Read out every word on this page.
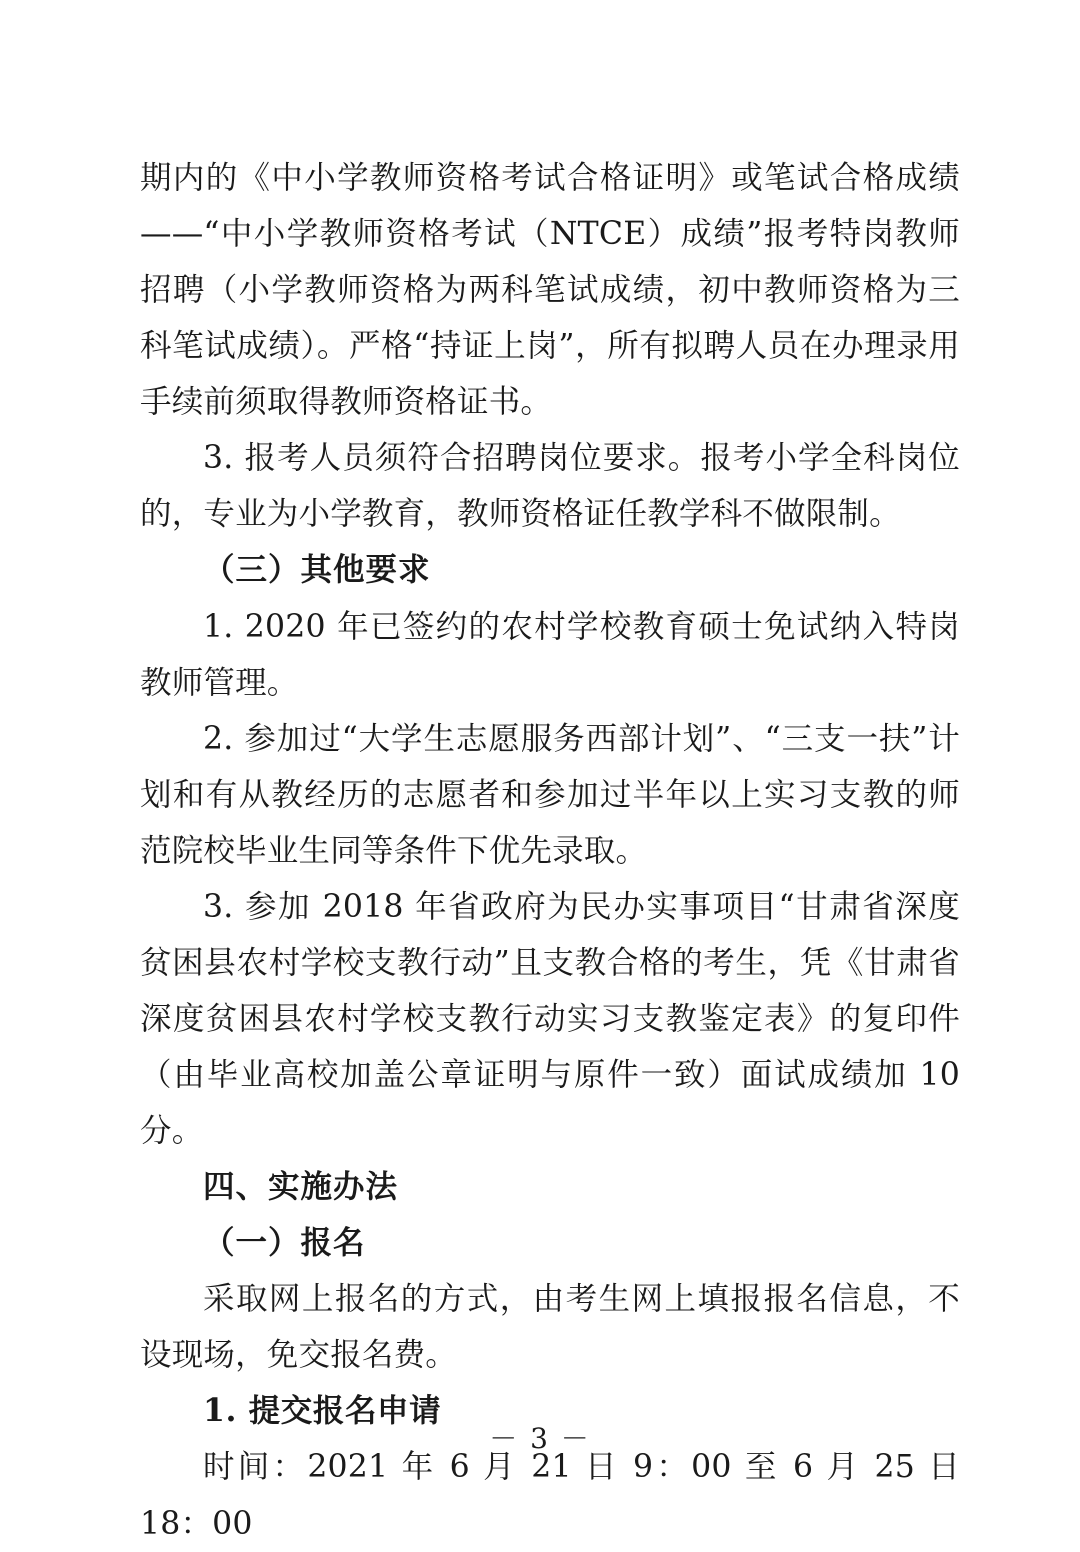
期内的《中小学教师资格考试合格证明》或笔试合格成绩——“中小学教师资格考试（NTCE）成绩”报考特岗教师招聘（小学教师资格为两科笔试成绩，初中教师资格为三科笔试成绩）。严格“持证上岗”，所有拟聘人员在办理录用手续前须取得教师资格证书。

3. 报考人员须符合招聘岗位要求。报考小学全科岗位的，专业为小学教育，教师资格证任教学科不做限制。

（三）其他要求

1. 2020 年已签约的农村学校教育硕士免试纳入特岗教师管理。

2. 参加过“大学生志愿服务西部计划”、“三支一扶”计划和有从教经历的志愿者和参加过半年以上实习支教的师范院校毕业生同等条件下优先录取。

3. 参加 2018 年省政府为民办实事项目“甘肃省深度贫困县农村学校支教行动”且支教合格的考生，凭《甘肃省深度贫困县农村学校支教行动实习支教鉴定表》的复印件（由毕业高校加盖公章证明与原件一致）面试成绩加 10 分。

四、实施办法

（一）报名

采取网上报名的方式，由考生网上填报报名信息，不设现场，免交报名费。

1. 提交报名申请

时间：2021 年 6 月 21 日 9：00 至 6 月 25 日 18：00

－ 3 －
